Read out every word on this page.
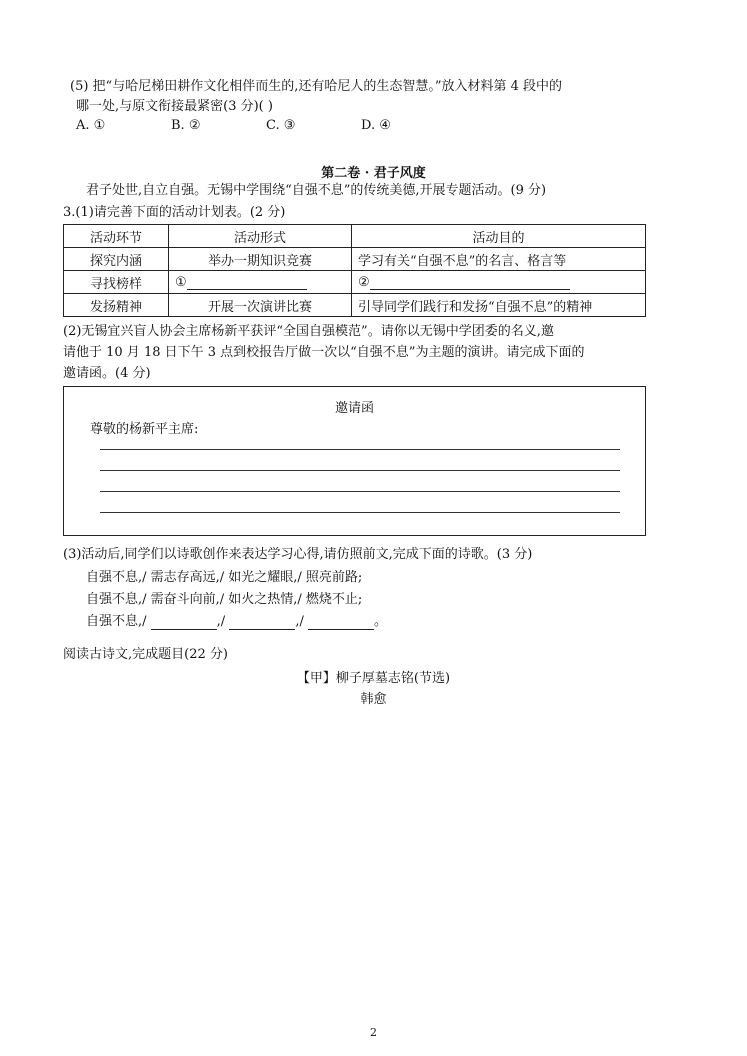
(5) 把“与哈尼梯田耕作文化相伴而生的,还有哈尼人的生态智慧。”放入材料第 4 段中的
哪一处,与原文衔接最紧密(3 分)( )
A. ①	B. ②	C. ③	D. ④
第二卷 · 君子风度
君子处世,自立自强。无锡中学围绕“自强不息”的传统美德,开展专题活动。(9 分)
3.(1)请完善下面的活动计划表。(2 分)
活动环节	活动形式	活动目的
探究内涵	举办一期知识竞赛	学习有关“自强不息”的名言、格言等
寻找榜样	①	②
发扬精神	开展一次演讲比赛	引导同学们践行和发扬“自强不息”的精神
(2)无锡宜兴盲人协会主席杨新平获评“全国自强模范”。请你以无锡中学团委的名义,邀
请他于 10 月 18 日下午 3 点到校报告厅做一次以“自强不息”为主题的演讲。请完成下面的
邀请函。(4 分)
邀请函
尊敬的杨新平主席:
(3)活动后,同学们以诗歌创作来表达学习心得,请仿照前文,完成下面的诗歌。(3 分)
自强不息,/ 需志存高远,/ 如光之耀眼,/ 照亮前路;
自强不息,/ 需奋斗向前,/ 如火之热情,/ 燃烧不止;
自强不息,/	,/	,/	。
阅读古诗文,完成题目(22 分)
【甲】柳子厚墓志铭(节选)
韩愈
2
